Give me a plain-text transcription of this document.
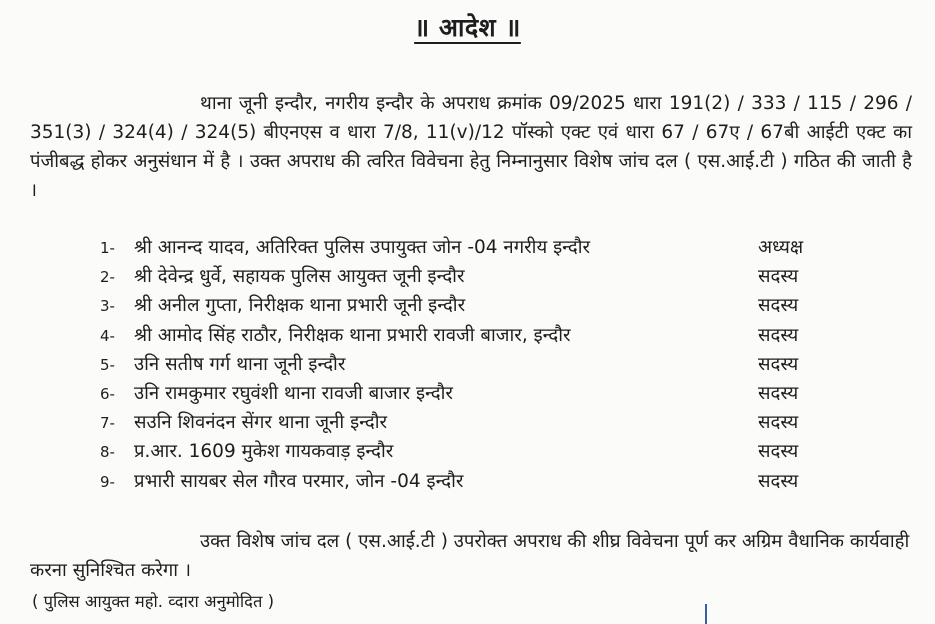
॥ आदेश ॥

थाना जूनी इन्दौर, नगरीय इन्दौर के अपराध क्रमांक 09/2025 धारा 191(2) / 333 / 115 / 296 / 351(3) / 324(4) / 324(5) बीएनएस व धारा 7/8, 11(v)/12 पॉस्को एक्ट एवं धारा 67 / 67ए / 67बी आईटी एक्ट का पंजीबद्ध होकर अनुसंधान में है । उक्त अपराध की त्वरित विवेचना हेतु निम्नानुसार विशेष जांच दल ( एस.आई.टी ) गठित की जाती है ।

1-	श्री आनन्द यादव, अतिरिक्त पुलिस उपायुक्त जोन -04 नगरीय इन्दौर	अध्यक्ष
2-	श्री देवेन्द्र धुर्वे, सहायक पुलिस आयुक्त जूनी इन्दौर	सदस्य
3-	श्री अनील गुप्ता, निरीक्षक थाना प्रभारी जूनी इन्दौर	सदस्य
4-	श्री आमोद सिंह राठौर, निरीक्षक थाना प्रभारी रावजी बाजार, इन्दौर	सदस्य
5-	उनि सतीष गर्ग थाना जूनी इन्दौर	सदस्य
6-	उनि रामकुमार रघुवंशी थाना रावजी बाजार इन्दौर	सदस्य
7-	सउनि शिवनंदन सेंगर थाना जूनी इन्दौर	सदस्य
8-	प्र.आर. 1609 मुकेश गायकवाड़ इन्दौर	सदस्य
9-	प्रभारी सायबर सेल गौरव परमार, जोन -04 इन्दौर	सदस्य

उक्त विशेष जांच दल ( एस.आई.टी ) उपरोक्त अपराध की शीघ्र विवेचना पूर्ण कर अग्रिम वैधानिक कार्यवाही करना सुनिश्चित करेगा ।

( पुलिस आयुक्त महो. व्दारा अनुमोदित )
